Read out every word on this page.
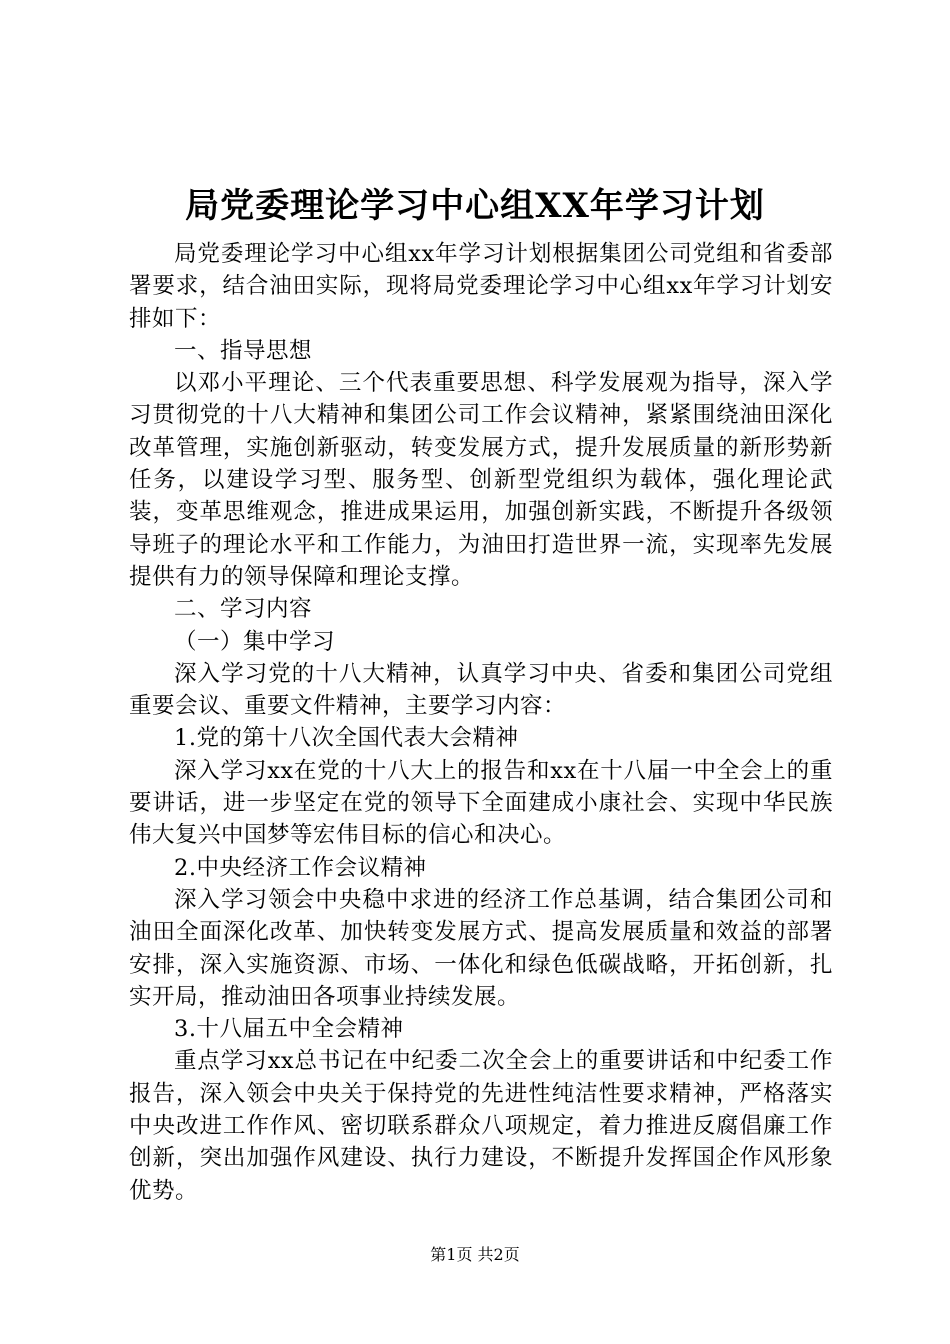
局党委理论学习中心组XX年学习计划

局党委理论学习中心组xx年学习计划根据集团公司党组和省委部署要求，结合油田实际，现将局党委理论学习中心组xx年学习计划安排如下：

一、指导思想

以邓小平理论、三个代表重要思想、科学发展观为指导，深入学习贯彻党的十八大精神和集团公司工作会议精神，紧紧围绕油田深化改革管理，实施创新驱动，转变发展方式，提升发展质量的新形势新任务，以建设学习型、服务型、创新型党组织为载体，强化理论武装，变革思维观念，推进成果运用，加强创新实践，不断提升各级领导班子的理论水平和工作能力，为油田打造世界一流，实现率先发展提供有力的领导保障和理论支撑。

二、学习内容

（一）集中学习

深入学习党的十八大精神，认真学习中央、省委和集团公司党组重要会议、重要文件精神，主要学习内容：

1.党的第十八次全国代表大会精神

深入学习xx在党的十八大上的报告和xx在十八届一中全会上的重要讲话，进一步坚定在党的领导下全面建成小康社会、实现中华民族伟大复兴中国梦等宏伟目标的信心和决心。

2.中央经济工作会议精神

深入学习领会中央稳中求进的经济工作总基调，结合集团公司和油田全面深化改革、加快转变发展方式、提高发展质量和效益的部署安排，深入实施资源、市场、一体化和绿色低碳战略，开拓创新，扎实开局，推动油田各项事业持续发展。

3.十八届五中全会精神

重点学习xx总书记在中纪委二次全会上的重要讲话和中纪委工作报告，深入领会中央关于保持党的先进性纯洁性要求精神，严格落实中央改进工作作风、密切联系群众八项规定，着力推进反腐倡廉工作创新，突出加强作风建设、执行力建设，不断提升发挥国企作风形象优势。

第1页 共2页
